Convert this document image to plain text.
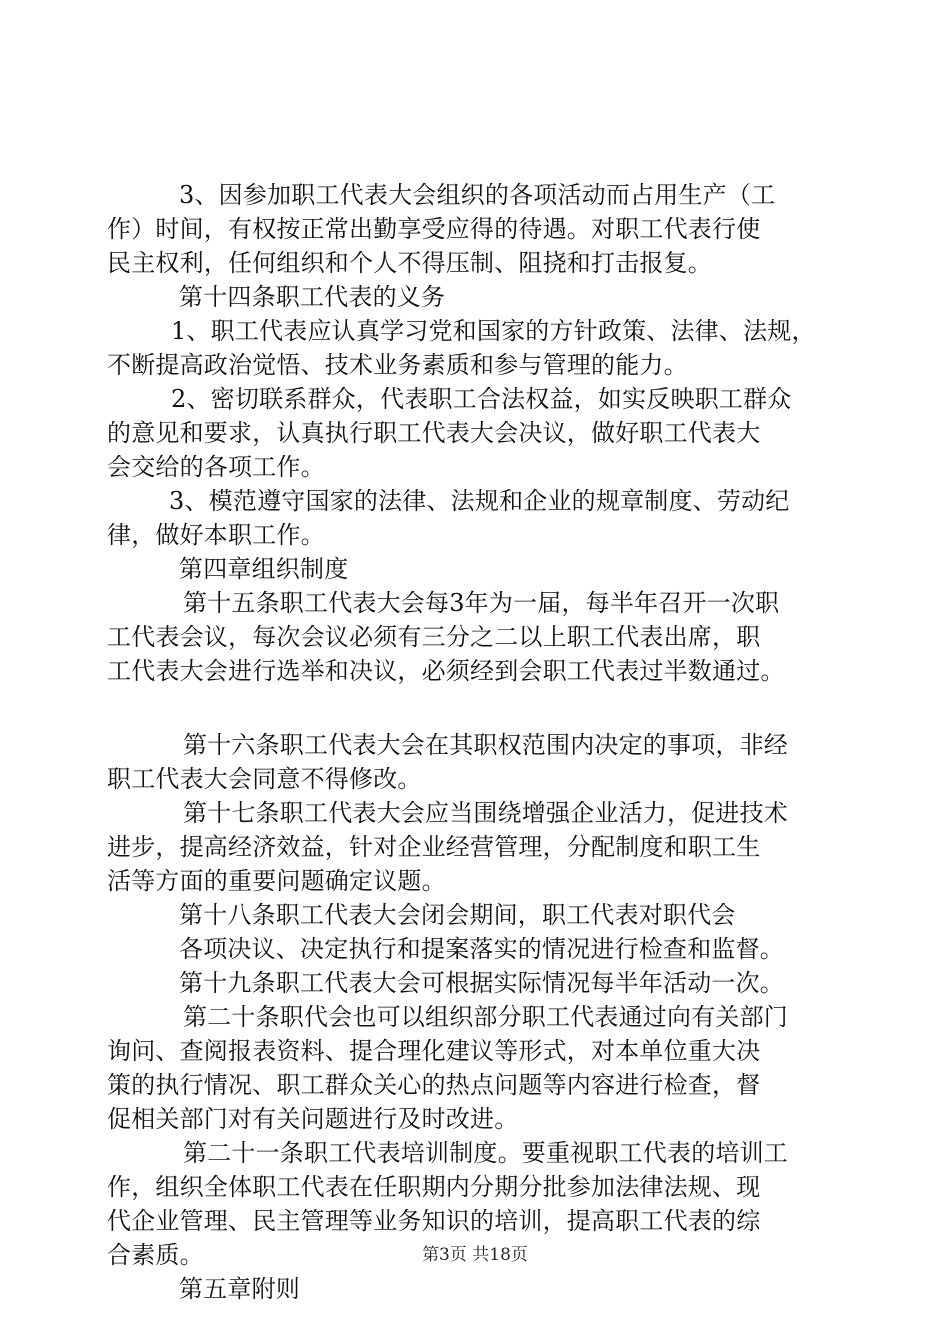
3、因参加职工代表大会组织的各项活动而占用生产（工
作）时间，有权按正常出勤享受应得的待遇。对职工代表行使
民主权利，任何组织和个人不得压制、阻挠和打击报复。
第十四条职工代表的义务
1、职工代表应认真学习党和国家的方针政策、法律、法规，
不断提高政治觉悟、技术业务素质和参与管理的能力。
2、密切联系群众，代表职工合法权益，如实反映职工群众
的意见和要求，认真执行职工代表大会决议，做好职工代表大
会交给的各项工作。
3、模范遵守国家的法律、法规和企业的规章制度、劳动纪
律，做好本职工作。
第四章组织制度
第十五条职工代表大会每3年为一届，每半年召开一次职
工代表会议，每次会议必须有三分之二以上职工代表出席，职
工代表大会进行选举和决议，必须经到会职工代表过半数通过。
第十六条职工代表大会在其职权范围内决定的事项，非经
职工代表大会同意不得修改。
第十七条职工代表大会应当围绕增强企业活力，促进技术
进步，提高经济效益，针对企业经营管理，分配制度和职工生
活等方面的重要问题确定议题。
第十八条职工代表大会闭会期间，职工代表对职代会
各项决议、决定执行和提案落实的情况进行检查和监督。
第十九条职工代表大会可根据实际情况每半年活动一次。
第二十条职代会也可以组织部分职工代表通过向有关部门
询问、查阅报表资料、提合理化建议等形式，对本单位重大决
策的执行情况、职工群众关心的热点问题等内容进行检查，督
促相关部门对有关问题进行及时改进。
第二十一条职工代表培训制度。要重视职工代表的培训工
作，组织全体职工代表在任职期内分期分批参加法律法规、现
代企业管理、民主管理等业务知识的培训，提高职工代表的综
合素质。
第五章附则
第3页 共18页
